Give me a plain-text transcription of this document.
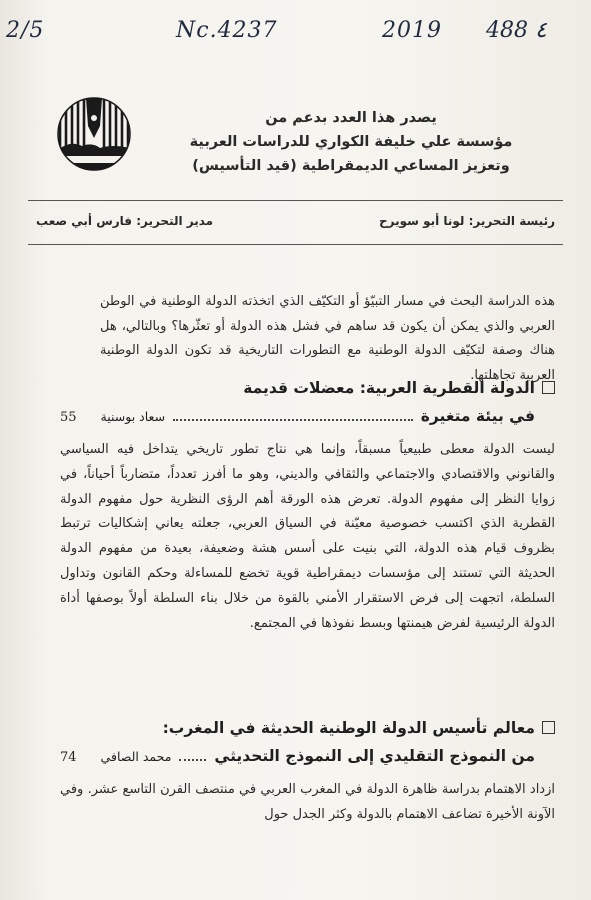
2/5	Nc.4237	2019 488 ٤
يصدر هذا العدد بدعم من
مؤسسة علي خليفة الكواري للدراسات العربية
وتعزيز المساعي الديمقراطية (قيد التأسيس)
رئيسة التحرير: لونا أبو سويرح
مدير التحرير: فارس أبي صعب
هذه الدراسة البحث في مسار التبيّؤ أو التكيّف الذي اتخذته الدولة الوطنية في الوطن العربي والذي يمكن أن يكون قد ساهم في فشل هذه الدولة أو تعثّرها؟ وبالتالي، هل هناك وصفة لتكيّف الدولة الوطنية مع التطورات التاريخية قد تكون الدولة الوطنية العربية تجاهلتها.
الدولة القطرية العربية: معضلات قديمة
في بيئة متغيرة
سعاد بوسنية
55
ليست الدولة معطى طبيعياً مسبقاً، وإنما هي نتاج تطور تاريخي يتداخل فيه السياسي والقانوني والاقتصادي والاجتماعي والثقافي والديني، وهو ما أفرز تعدداً، متضارباً أحياناً، في زوايا النظر إلى مفهوم الدولة. تعرض هذه الورقة أهم الرؤى النظرية حول مفهوم الدولة القطرية الذي اكتسب خصوصية معيّنة في السياق العربي، جعلته يعاني إشكاليات ترتبط بظروف قيام هذه الدولة، التي بنيت على أسس هشة وضعيفة، بعيدة من مفهوم الدولة الحديثة التي تستند إلى مؤسسات ديمقراطية قوية تخضع للمساءلة وحكم القانون وتداول السلطة، اتجهت إلى فرض الاستقرار الأمني بالقوة من خلال بناء السلطة أولاً بوصفها أداة الدولة الرئيسية لفرض هيمنتها وبسط نفوذها في المجتمع.
معالم تأسيس الدولة الوطنية الحديثة في المغرب:
من النموذج التقليدي إلى النموذج التحديثي
محمد الصافي
74
ازداد الاهتمام بدراسة ظاهرة الدولة في المغرب العربي في منتصف القرن التاسع عشر. وفي الآونة الأخيرة تضاعف الاهتمام بالدولة وكثر الجدل حول
